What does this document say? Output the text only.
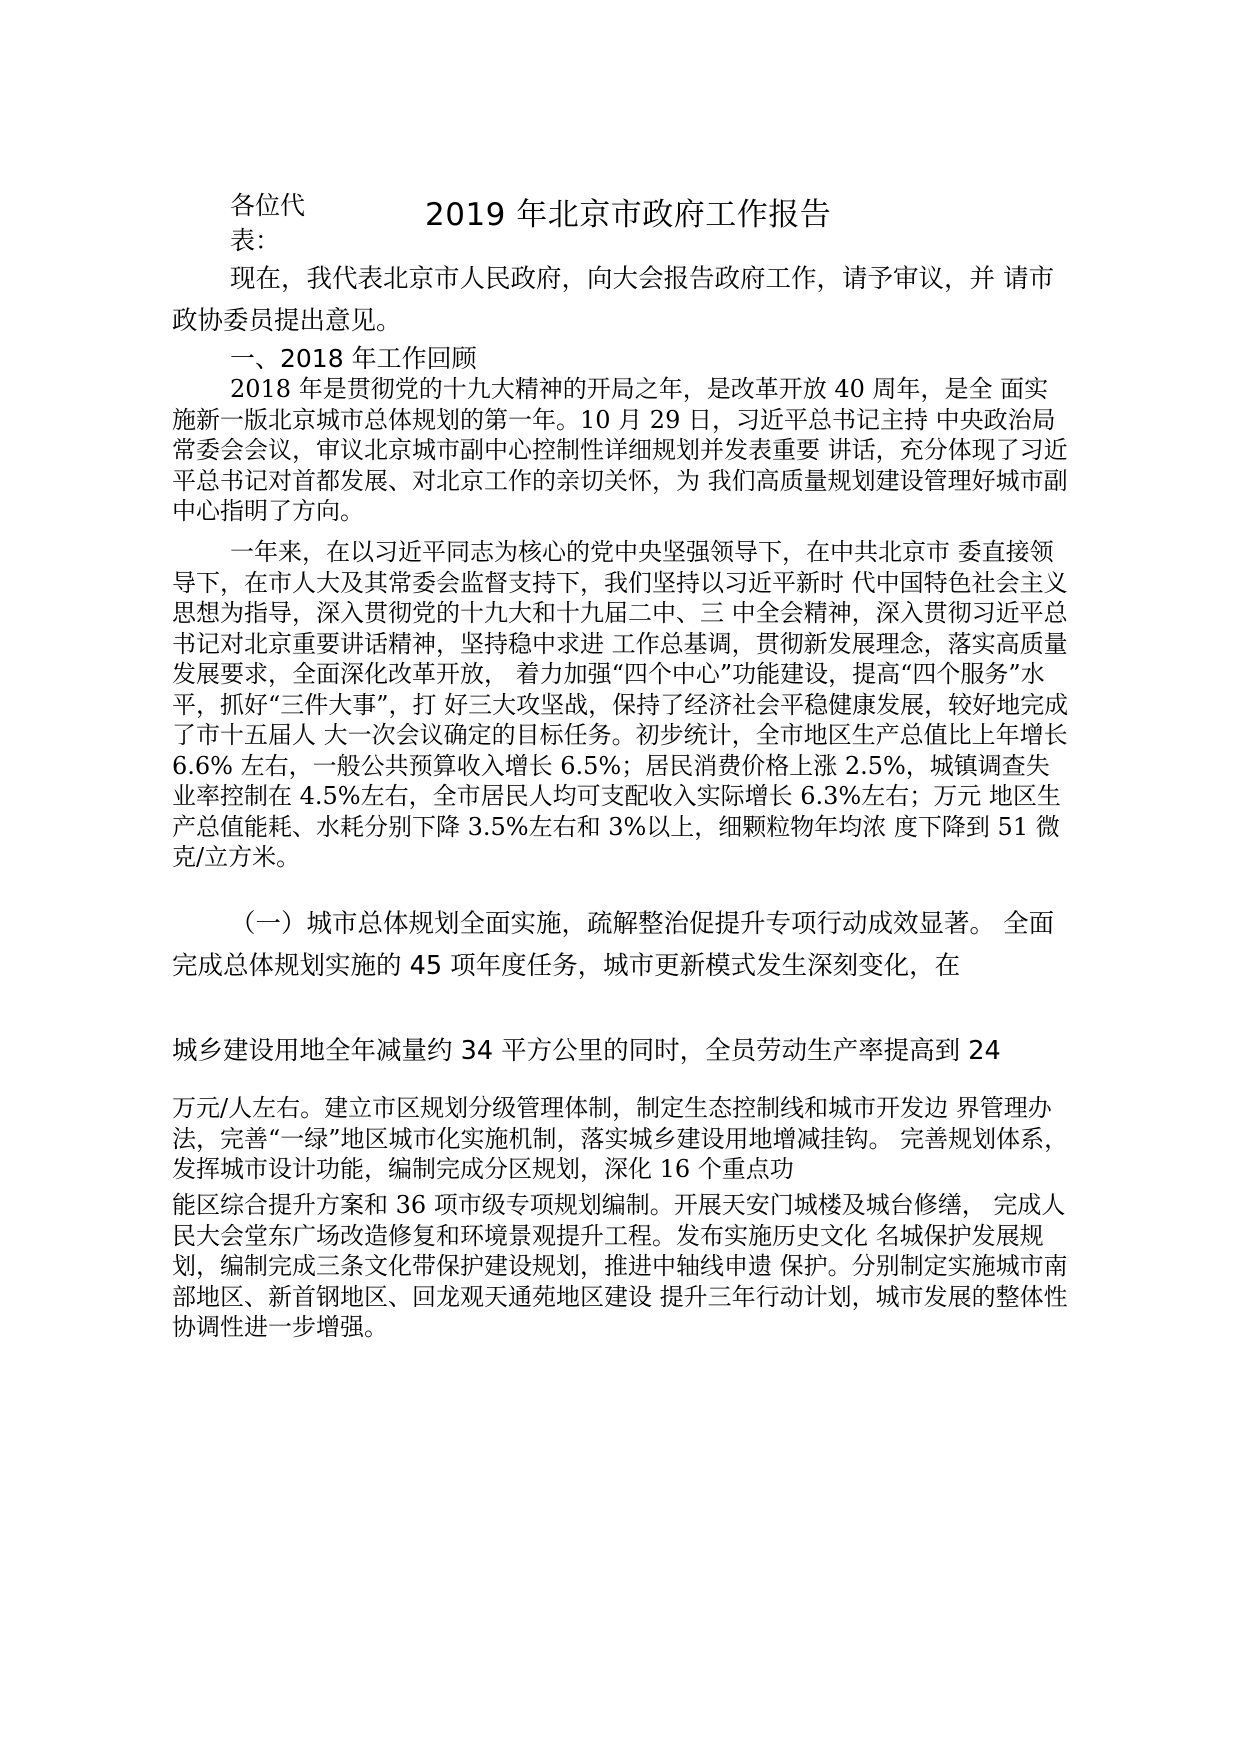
各位代表：
2019 年北京市政府工作报告

现在，我代表北京市人民政府，向大会报告政府工作，请予审议，并 请市政协委员提出意见。

一、2018 年工作回顾

2018 年是贯彻党的十九大精神的开局之年，是改革开放 40 周年，是全 面实施新一版北京城市总体规划的第一年。10 月 29 日，习近平总书记主持 中央政治局常委会会议，审议北京城市副中心控制性详细规划并发表重要 讲话，充分体现了习近平总书记对首都发展、对北京工作的亲切关怀，为 我们高质量规划建设管理好城市副中心指明了方向。

一年来，在以习近平同志为核心的党中央坚强领导下，在中共北京市 委直接领导下，在市人大及其常委会监督支持下，我们坚持以习近平新时 代中国特色社会主义思想为指导，深入贯彻党的十九大和十九届二中、三 中全会精神，深入贯彻习近平总书记对北京重要讲话精神，坚持稳中求进 工作总基调，贯彻新发展理念，落实高质量发展要求，全面深化改革开放， 着力加强“四个中心”功能建设，提高“四个服务”水平，抓好“三件大事”，打 好三大攻坚战，保持了经济社会平稳健康发展，较好地完成了市十五届人 大一次会议确定的目标任务。初步统计，全市地区生产总值比上年增长 6.6% 左右，一般公共预算收入增长 6.5%；居民消费价格上涨 2.5%，城镇调查失 业率控制在 4.5%左右，全市居民人均可支配收入实际增长 6.3%左右；万元 地区生产总值能耗、水耗分别下降 3.5%左右和 3%以上，细颗粒物年均浓 度下降到 51 微克/立方米。

（一）城市总体规划全面实施，疏解整治促提升专项行动成效显著。 全面完成总体规划实施的 45 项年度任务，城市更新模式发生深刻变化，在

城乡建设用地全年减量约 34 平方公里的同时，全员劳动生产率提高到 24

万元/人左右。建立市区规划分级管理体制，制定生态控制线和城市开发边 界管理办法，完善“一绿”地区城市化实施机制，落实城乡建设用地增减挂钩。 完善规划体系，发挥城市设计功能，编制完成分区规划，深化 16 个重点功

能区综合提升方案和 36 项市级专项规划编制。开展天安门城楼及城台修缮， 完成人民大会堂东广场改造修复和环境景观提升工程。发布实施历史文化 名城保护发展规划，编制完成三条文化带保护建设规划，推进中轴线申遗 保护。分别制定实施城市南部地区、新首钢地区、回龙观天通苑地区建设 提升三年行动计划，城市发展的整体性协调性进一步增强。
